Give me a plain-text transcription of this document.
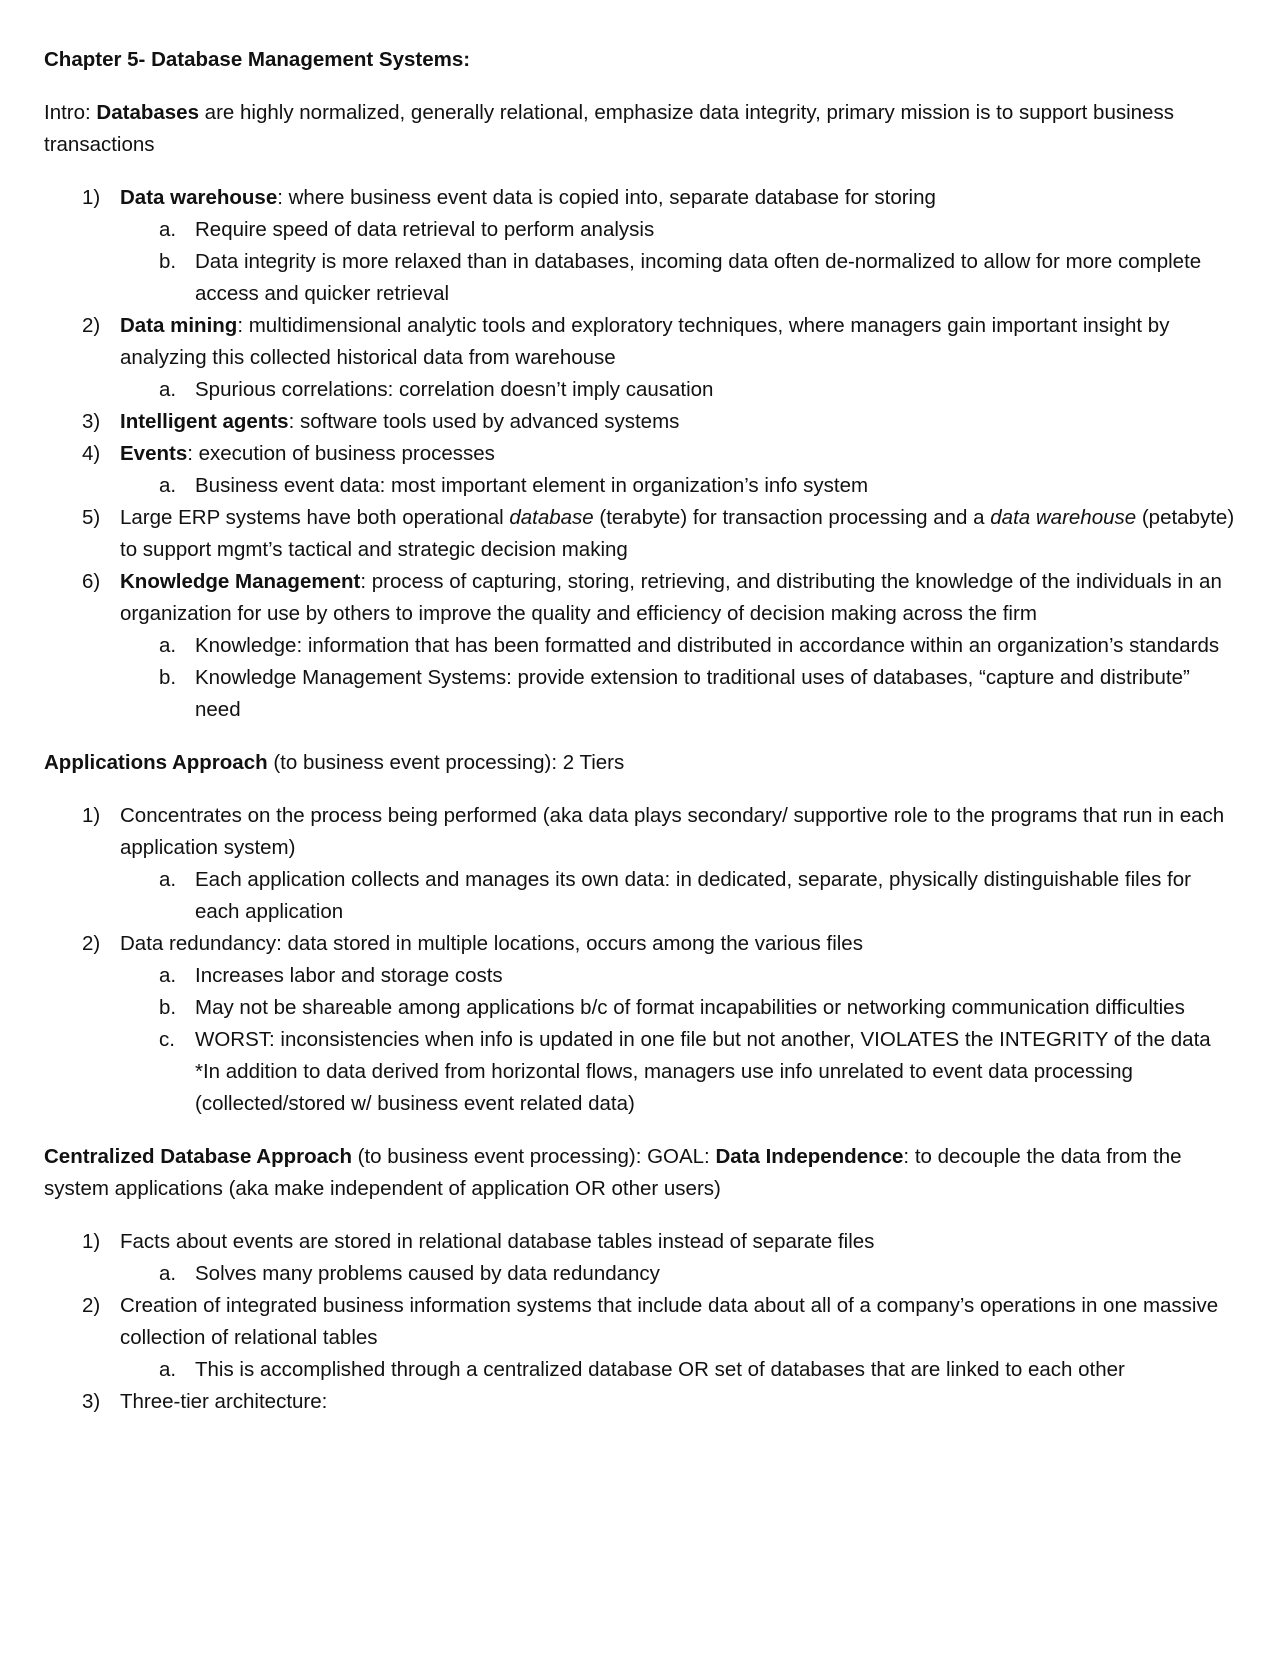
Chapter 5- Database Management Systems:

Intro: Databases are highly normalized, generally relational, emphasize data integrity, primary mission is to support business transactions

1) Data warehouse: where business event data is copied into, separate database for storing

a. Require speed of data retrieval to perform analysis

b. Data integrity is more relaxed than in databases, incoming data often de-normalized to allow for more complete access and quicker retrieval

2) Data mining: multidimensional analytic tools and exploratory techniques, where managers gain important insight by analyzing this collected historical data from warehouse

a. Spurious correlations: correlation doesn’t imply causation

3) Intelligent agents: software tools used by advanced systems

4) Events: execution of business processes

a. Business event data: most important element in organization’s info system

5) Large ERP systems have both operational database (terabyte) for transaction processing and a data warehouse (petabyte) to support mgmt’s tactical and strategic decision making

6) Knowledge Management: process of capturing, storing, retrieving, and distributing the knowledge of the individuals in an organization for use by others to improve the quality and efficiency of decision making across the firm

a. Knowledge: information that has been formatted and distributed in accordance within an organization’s standards

b. Knowledge Management Systems: provide extension to traditional uses of databases, “capture and distribute” need

Applications Approach (to business event processing): 2 Tiers

1) Concentrates on the process being performed (aka data plays secondary/ supportive role to the programs that run in each application system)

a. Each application collects and manages its own data: in dedicated, separate, physically distinguishable files for each application

2) Data redundancy: data stored in multiple locations, occurs among the various files

a. Increases labor and storage costs

b. May not be shareable among applications b/c of format incapabilities or networking communication difficulties

c. WORST: inconsistencies when info is updated in one file but not another, VIOLATES the INTEGRITY of the data

*In addition to data derived from horizontal flows, managers use info unrelated to event data processing (collected/stored w/ business event related data)

Centralized Database Approach (to business event processing): GOAL: Data Independence: to decouple the data from the system applications (aka make independent of application OR other users)

1) Facts about events are stored in relational database tables instead of separate files

a. Solves many problems caused by data redundancy

2) Creation of integrated business information systems that include data about all of a company’s operations in one massive collection of relational tables

a. This is accomplished through a centralized database OR set of databases that are linked to each other

3) Three-tier architecture:
